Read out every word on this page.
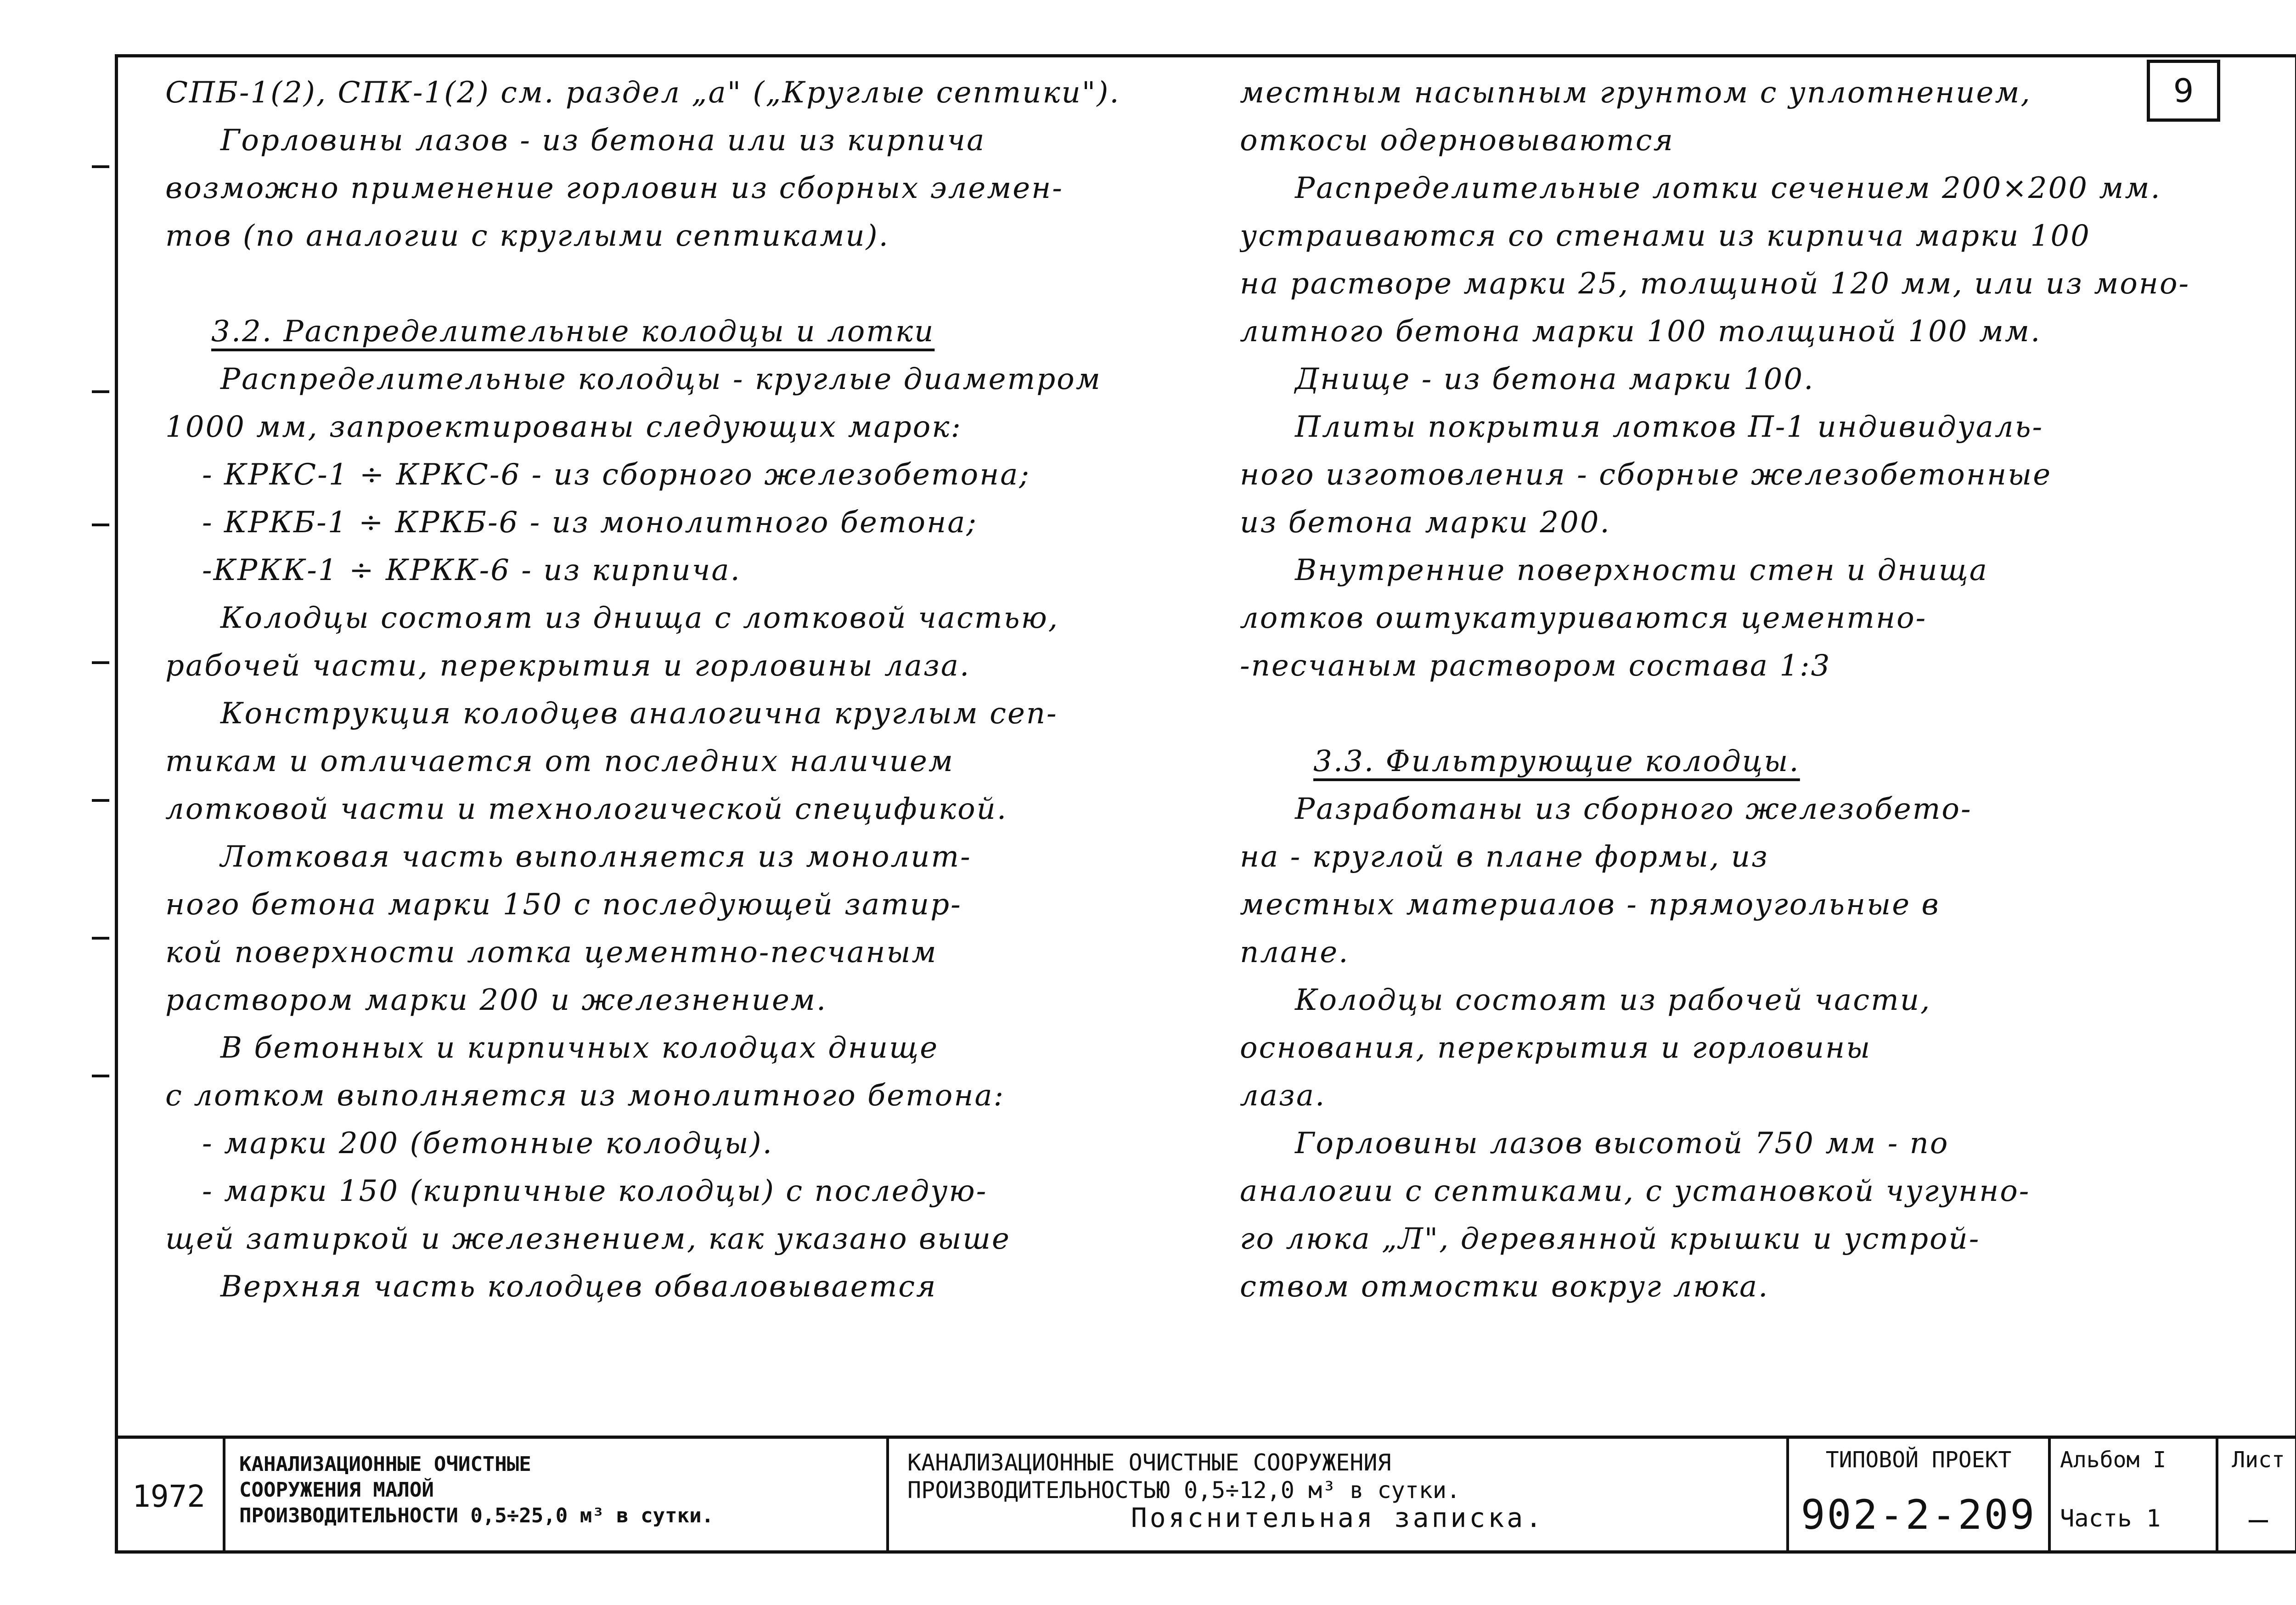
9
СПБ-1(2), СПК-1(2) см. раздел „а" („Круглые септики").
Горловины лазов - из бетона или из кирпича
возможно применение горловин из сборных элемен-
тов (по аналогии с круглыми септиками).
3.2. Распределительные колодцы и лотки
Распределительные колодцы - круглые диаметром
1000 мм, запроектированы следующих марок:
- КРКС-1 ÷ КРКС-6 - из сборного железобетона;
- КРКБ-1 ÷ КРКБ-6 - из монолитного бетона;
-КРКК-1 ÷ КРКК-6 - из кирпича.
Колодцы состоят из днища с лотковой частью,
рабочей части, перекрытия и горловины лаза.
Конструкция колодцев аналогична круглым сеп-
тикам и отличается от последних наличием
лотковой части и технологической спецификой.
Лотковая часть выполняется из монолит-
ного бетона марки 150 с последующей затир-
кой поверхности лотка цементно-песчаным
раствором марки 200 и железнением.
В бетонных и кирпичных колодцах днище
с лотком выполняется из монолитного бетона:
- марки 200 (бетонные колодцы).
- марки 150 (кирпичные колодцы) с последую-
щей затиркой и железнением, как указано выше
Верхняя часть колодцев обваловывается
местным насыпным грунтом с уплотнением,
откосы одерновываются
Распределительные лотки сечением 200×200 мм.
устраиваются со стенами из кирпича марки 100
на растворе марки 25, толщиной 120 мм, или из моно-
литного бетона марки 100 толщиной 100 мм.
Днище - из бетона марки 100.
Плиты покрытия лотков П-1 индивидуаль-
ного изготовления - сборные железобетонные
из бетона марки 200.
Внутренние поверхности стен и днища
лотков оштукатуриваются цементно-
-песчаным раствором состава 1:3
3.3. Фильтрующие колодцы.
Разработаны из сборного железобето-
на - круглой в плане формы, из
местных материалов - прямоугольные в
плане.
Колодцы состоят из рабочей части,
основания, перекрытия и горловины
лаза.
Горловины лазов высотой 750 мм - по
аналогии с септиками, с установкой чугунно-
го люка „Л", деревянной крышки и устрой-
ством отмостки вокруг люка.
1972
КАНАЛИЗАЦИОННЫЕ ОЧИСТНЫЕ
СООРУЖЕНИЯ МАЛОЙ
ПРОИЗВОДИТЕЛЬНОСТИ 0,5÷25,0 м³ в сутки.
КАНАЛИЗАЦИОННЫЕ ОЧИСТНЫЕ СООРУЖЕНИЯ
ПРОИЗВОДИТЕЛЬНОСТЬЮ 0,5÷12,0 м³ в сутки.
Пояснительная записка.
ТИПОВОЙ ПРОЕКТ
902-2-209
Альбом I
Часть 1
Лист
—
